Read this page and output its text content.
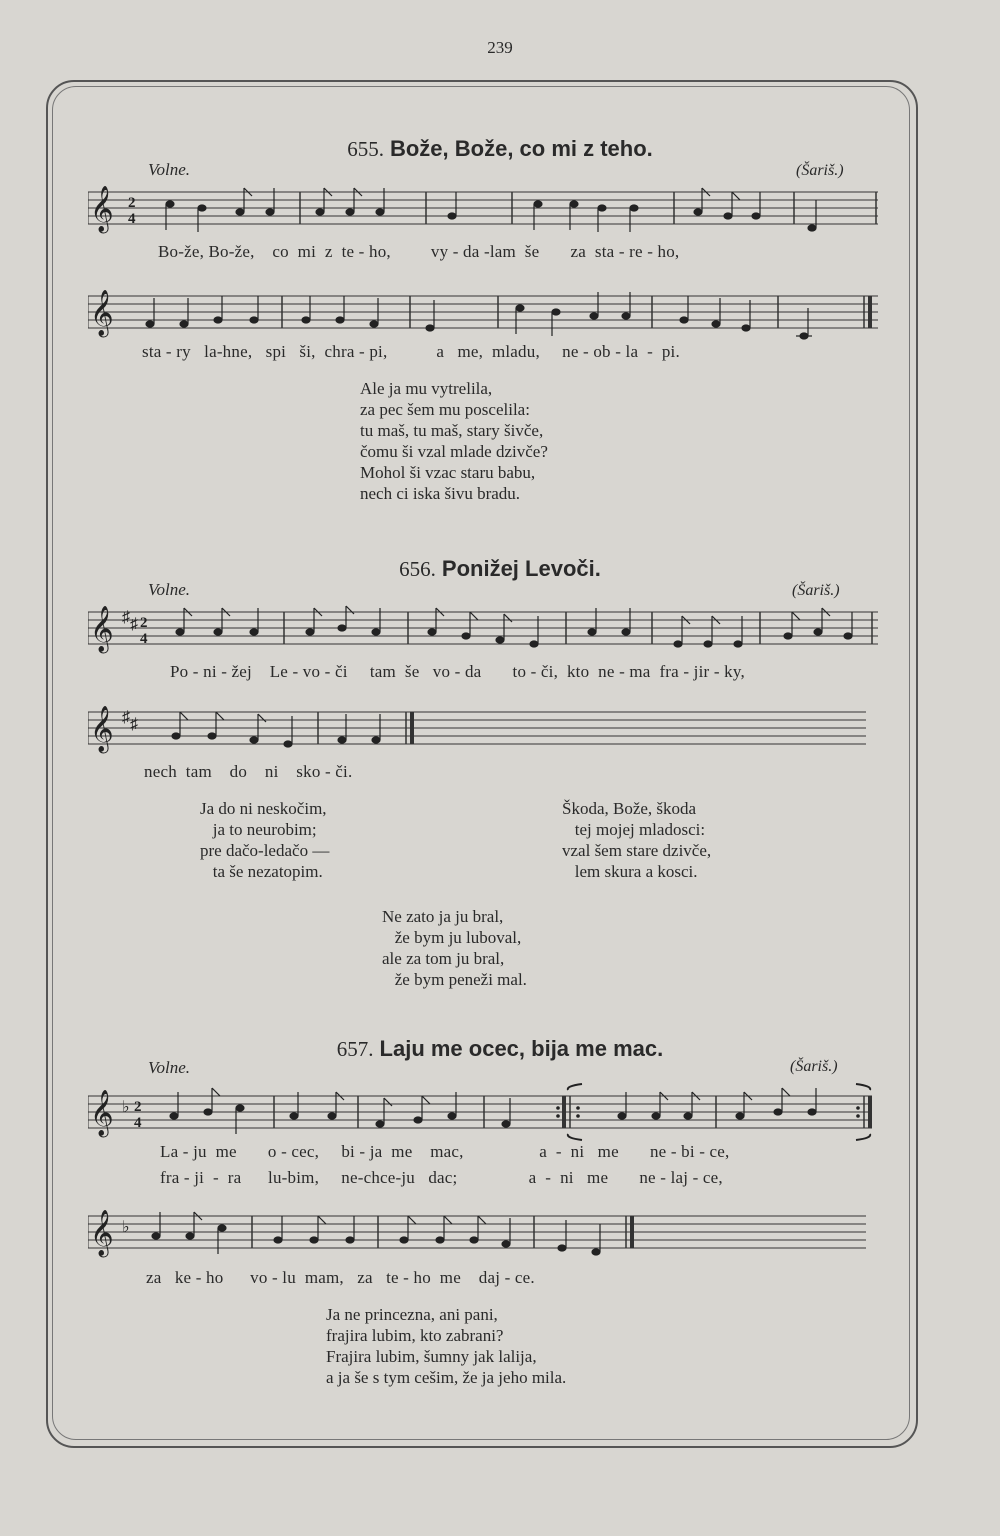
239
655. Bože, Bože, co mi z teho.
Volne.	(Šariš.)
𝄞 2
4
Bo-že, Bo-že,    co  mi  z  te - ho,         vy - da -lam  še       za  sta - re - ho,
𝄞
sta - ry   la-hne,   spi   ši,  chra - pi,           a   me,  mladu,     ne - ob - la  -  pi.
Ale ja mu vytrelila,
za pec šem mu poscelila:
tu maš, tu maš, stary šivče,
čomu ši vzal mlade dzivče?
Mohol ši vzac staru babu,
nech ci iska šivu bradu.
656. Ponižej Levoči.
Volne.	(Šariš.)
𝄞 ♯ ♯ 2
4
Po - ni - žej    Le - vo - či     tam  še   vo - da       to - či,  kto  ne - ma  fra - jir - ky,
𝄞 ♯ ♯
nech  tam    do    ni    sko - či.
Ja do ni neskočim,
ja to neurobim;
pre dačo-ledačo —
ta še nezatopim.
Škoda, Bože, škoda
tej mojej mladosci:
vzal šem stare dzivče,
lem skura a kosci.
Ne zato ja ju bral,
že bym ju luboval,
ale za tom ju bral,
že bym peneži mal.
657. Laju me ocec, bija me mac.
Volne.	(Šariš.)
𝄞 ♭ 2
4
La - ju  me       o - cec,     bi - ja  me    mac,                 a  -  ni   me       ne - bi - ce,
fra - ji  -  ra      lu-bim,     ne-chce-ju   dac;                a  -  ni   me       ne - laj - ce,
𝄞 ♭
za   ke - ho      vo - lu  mam,   za   te - ho  me    daj - ce.
Ja ne princezna, ani pani,
frajira lubim, kto zabrani?
Frajira lubim, šumny jak lalija,
a ja še s tym cešim, že ja jeho mila.
